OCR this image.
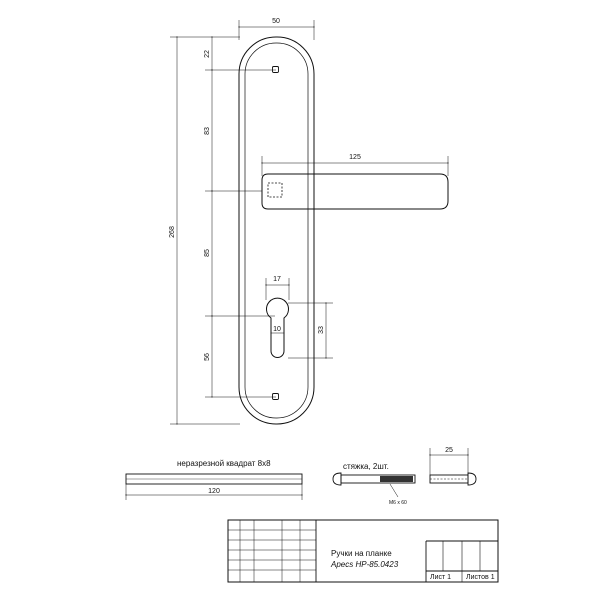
50
22
83
85
56
268
125
17
10	33
неразрезной квадрат 8х8
120
стяжка, 2шт.
М6 х 60
25
Ручки на планке
Apecs HP-85.0423
Лист 1 Листов 1
